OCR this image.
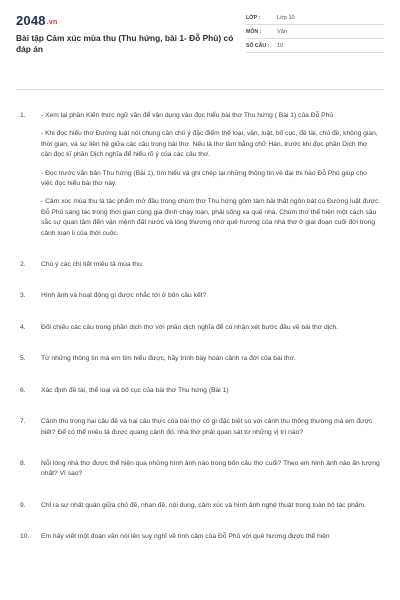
2048.vn
Bài tập Cảm xúc mùa thu (Thu hứng, bài 1- Đỗ Phủ) có đáp án
LỚP :	Lớp 10
MÔN :	Văn
SỐ CÂU :	10
1.	- Xem lại phần Kiến thức ngữ văn để vận dụng vào đọc hiểu bài thơ Thu hứng ( Bài 1) của Đỗ Phủ

- Khi đọc hiểu thơ Đường luật nói chung cần chú ý đặc điểm thể loại, vần, luật, bố cục, đề tài, chủ đề, không gian, thời gian, và sự liên hệ giữa các câu trong bài thơ. Nếu là thơ làm bằng chữ Hán, trước khi đọc phần Dịch thơ cần đọc kĩ phần Dịch nghĩa để hiểu rõ ý của các câu thơ.

- Đọc trước văn bản Thu hứng (Bài 1), tìm hiểu và ghi chép lại những thông tin về đại thi hào Đỗ Phủ giúp cho việc đọc hiểu bài thơ này.

- Cảm xúc mùa thu là tác phẩm mở đầu trong chùm thơ Thu hứng gồm tám bài thất ngôn bát cú Đường luật được Đỗ Phủ sáng tác trong thời gian cùng gia đình chạy loạn, phải sống xa quê nhà. Chùm thơ thể hiện một cách sâu sắc sự quan tâm đến vận mệnh đất nước và lòng thương nhớ quê hương của nhà thơ ở giai đoạn cuối đời trong cảnh loạn li của thời cuộc.

2.	Chú ý các chi tiết miêu tả mùa thu.

3.	Hình ảnh và hoạt động gì được nhắc tới ở bốn câu kết?

4.	Đối chiếu các câu trong phần dịch thơ với phần dịch nghĩa để có nhận xét bước đầu về bài thơ dịch.

5.	Từ những thông tin mà em tìm hiểu được, hãy trình bày hoàn cảnh ra đời của bài thơ.

6.	Xác định đề tài, thể loại và bố cục của bài thơ Thu hứng (Bài 1)

7.	Cảnh thu trong hai câu đề và hai câu thực của bài thơ có gì đặc biệt so với cảnh thu thông thường mà em được biết? Để có thể miêu tả được quang cảnh đó, nhà thơ phải quan sát từ những vị trí nào?

8.	Nỗi lòng nhà thơ được thể hiện qua những hình ảnh nào trong bốn câu thơ cuối? Theo em hình ảnh nào ấn tượng nhất? Vì sao?

9.	Chỉ ra sự nhất quán giữa chủ đề, nhan đề, nội dung, cảm xúc và hình ảnh nghệ thuật trong toàn bộ tác phẩm.

10.	Em hãy viết một đoạn văn nói lên suy nghĩ về tình cảm của Đỗ Phủ với quê hương được thể hiện
